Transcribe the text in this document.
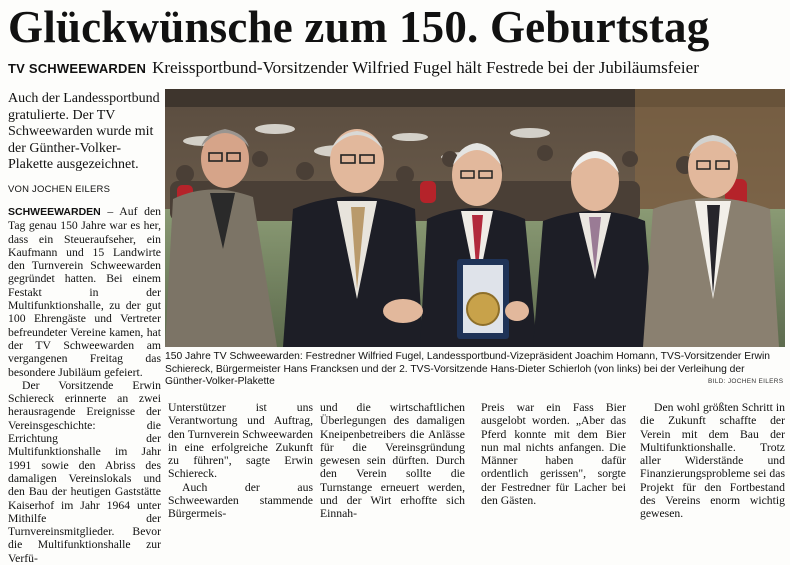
Glückwünsche zum 150. Geburtstag
TV SCHWEEWARDEN Kreissportbund-Vorsitzender Wilfried Fugel hält Festrede bei der Jubiläumsfeier
Auch der Landessportbund gratulierte. Der TV Schweewarden wurde mit der Günther-Volker-Plakette ausgezeichnet.
VON JOCHEN EILERS

SCHWEEWARDEN – Auf den Tag genau 150 Jahre war es her, dass ein Steueraufseher, ein Kaufmann und 15 Landwirte den Turnverein Schweewarden gegründet hatten. Bei einem Festakt in der Multifunktionshalle, zu der gut 100 Ehrengäste und Vertreter befreundeter Vereine kamen, hat der TV Schweewarden am vergangenen Freitag das besondere Jubiläum gefeiert.

Der Vorsitzende Erwin Schiereck erinnerte an zwei herausragende Ereignisse der Vereinsgeschichte: die Errichtung der Multifunktionshalle im Jahr 1991 sowie den Abriss des damaligen Vereinslokals und den Bau der heutigen Gaststätte Kaiserhof im Jahr 1964 unter Mithilfe der Turnvereinsmitglieder. Bevor die Multifunktionshalle zur Verfü-

150 Jahre TV Schweewarden: Festredner Wilfried Fugel, Landessportbund-Vizepräsident Joachim Homann, TVS-Vorsitzender Erwin Schiereck, Bürgermeister Hans Francksen und der 2. TVS-Vorsitzende Hans-Dieter Schierloh (von links) bei der Verleihung der Günther-Volker-Plakette	BILD: JOCHEN EILERS

Unterstützer ist uns Verantwortung und Auftrag, den Turnverein Schweewarden in eine erfolgreiche Zukunft zu führen", sagte Erwin Schiereck.

Auch der aus Schweewarden stammende Bürgermeis-

und die wirtschaftlichen Überlegungen des damaligen Kneipenbetreibers die Anlässe für die Vereinsgründung gewesen sein dürften. Durch den Verein sollte die Turnstange erneuert werden, und der Wirt erhoffte sich Einnah-

Preis war ein Fass Bier ausgelobt worden. „Aber das Pferd konnte mit dem Bier nun mal nichts anfangen. Die Männer haben dafür ordentlich gerissen", sorgte der Festredner für Lacher bei den Gästen.

Den wohl größten Schritt in die Zukunft schaffte der Verein mit dem Bau der Multifunktionshalle. Trotz aller Widerstände und Finanzierungsprobleme sei das Projekt für den Fortbestand des Vereins enorm wichtig gewesen.
